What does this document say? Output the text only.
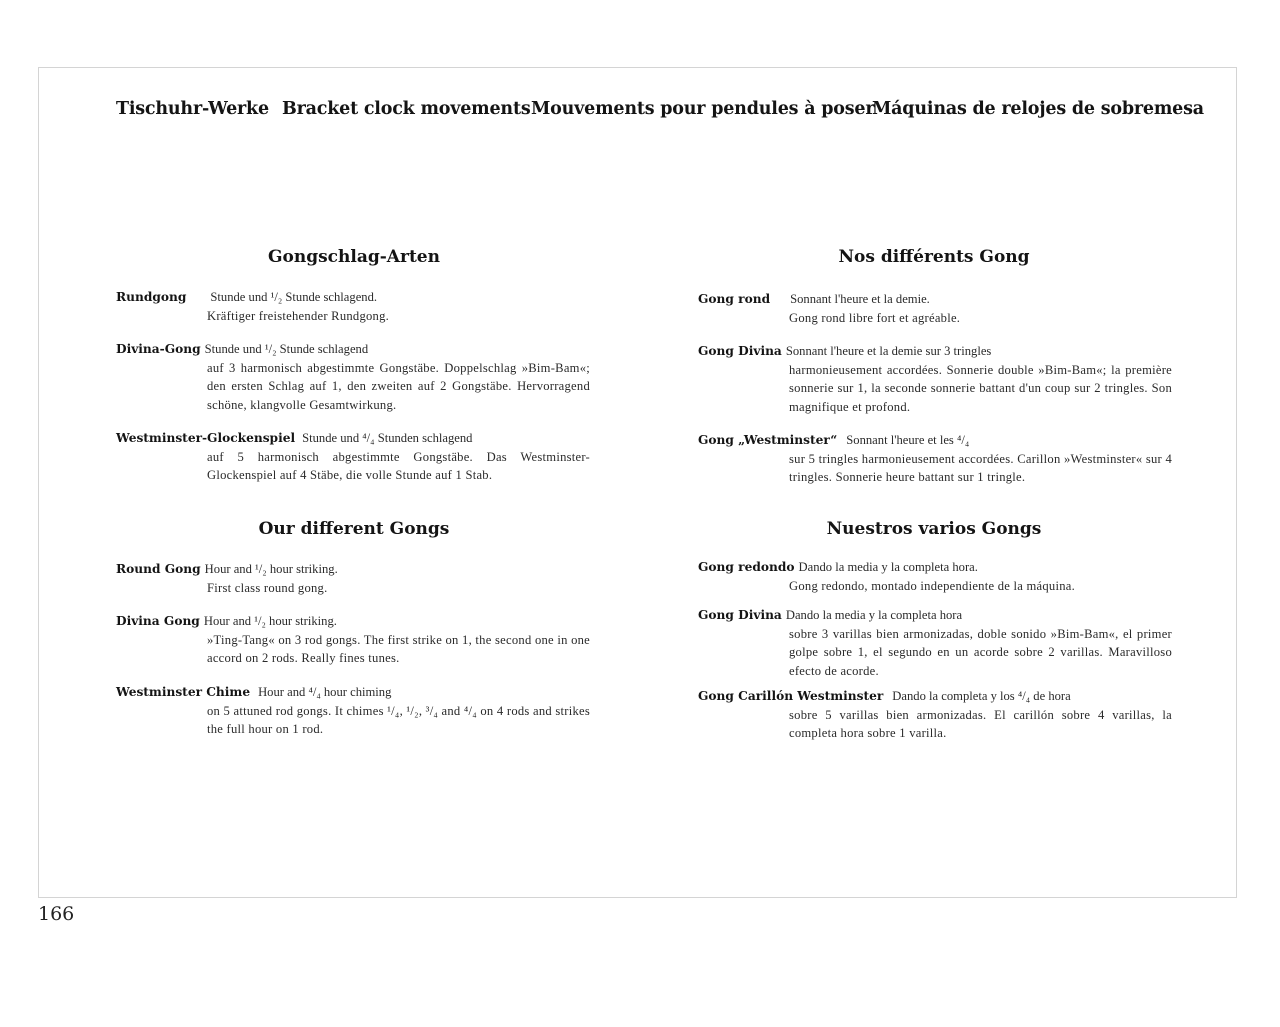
Tischuhr-Werke Bracket clock movements Mouvements pour pendules à poser
Máquinas de relojes de sobremesa
Gongschlag-Arten
Rundgong Stunde und ¹/₂ Stunde schlagend.
Kräftiger freistehender Rundgong.
Divina-Gong Stunde und ¹/₂ Stunde schlagend
auf 3 harmonisch abgestimmte Gongstäbe. Doppelschlag »Bim-Bam«; den ersten Schlag auf 1, den zweiten auf 2 Gongstäbe. Hervorragend schöne, klangvolle Gesamtwirkung.
Westminster-Glockenspiel Stunde und ⁴/₄ Stunden schlagend
auf 5 harmonisch abgestimmte Gongstäbe. Das Westminster-Glockenspiel auf 4 Stäbe, die volle Stunde auf 1 Stab.
Our different Gongs
Round Gong Hour and ¹/₂ hour striking.
First class round gong.
Divina Gong Hour and ¹/₂ hour striking.
»Ting-Tang« on 3 rod gongs. The first strike on 1, the second one in one accord on 2 rods. Really fines tunes.
Westminster Chime Hour and ⁴/₄ hour chiming
on 5 attuned rod gongs. It chimes ¹/₄, ¹/₂, ³/₄ and ⁴/₄ on 4 rods and strikes the full hour on 1 rod.
Nos différents Gong
Gong rond Sonnant l'heure et la demie.
Gong rond libre fort et agréable.
Gong Divina Sonnant l'heure et la demie sur 3 tringles
harmonieusement accordées. Sonnerie double »Bim-Bam«; la première sonnerie sur 1, la seconde sonnerie battant d'un coup sur 2 tringles. Son magnifique et profond.
Gong „Westminster“ Sonnant l'heure et les ⁴/₄
sur 5 tringles harmonieusement accordées. Carillon »Westminster« sur 4 tringles. Sonnerie heure battant sur 1 tringle.
Nuestros varios Gongs
Gong redondo Dando la media y la completa hora.
Gong redondo, montado independiente de la máquina.
Gong Divina Dando la media y la completa hora
sobre 3 varillas bien armonizadas, doble sonido »Bim-Bam«, el primer golpe sobre 1, el segundo en un acorde sobre 2 varillas. Maravilloso efecto de acorde.
Gong Carillón Westminster Dando la completa y los ⁴/₄ de hora
sobre 5 varillas bien armonizadas. El carillón sobre 4 varillas, la completa hora sobre 1 varilla.
166
